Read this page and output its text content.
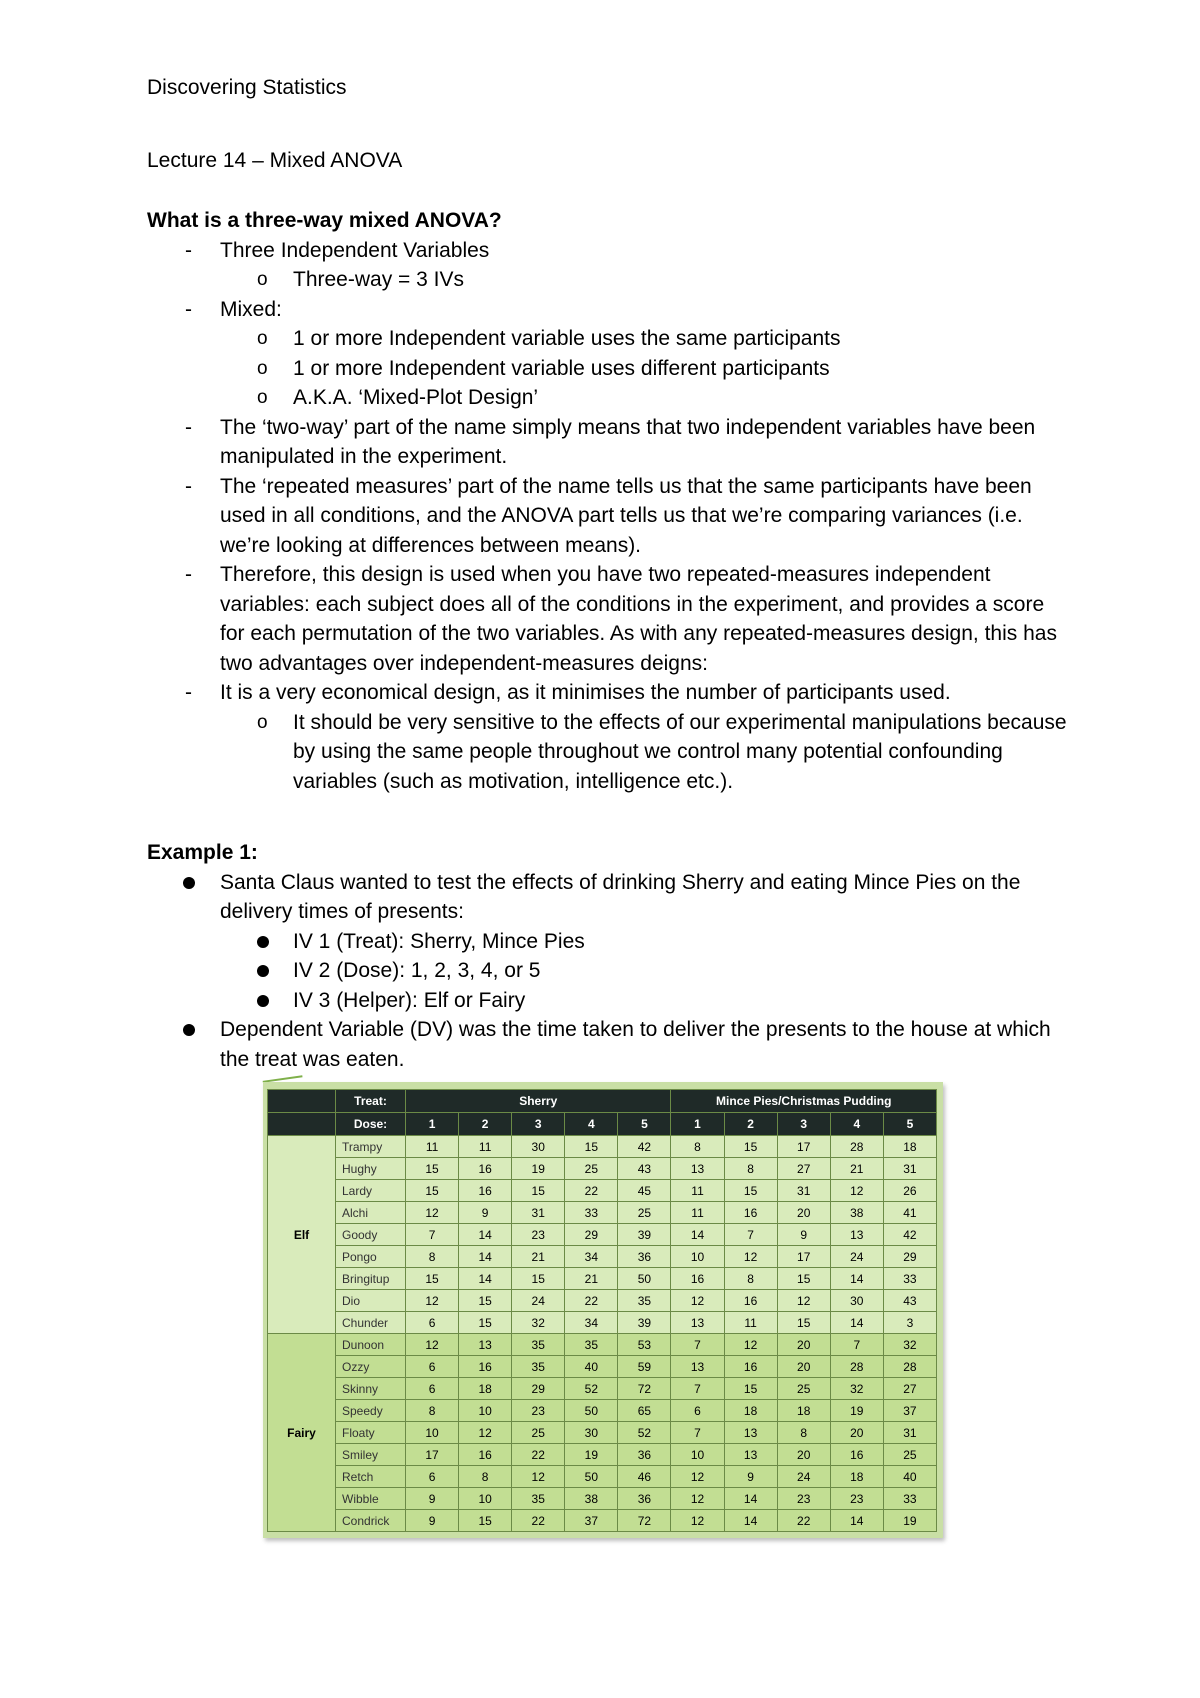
Discovering Statistics
Lecture 14 – Mixed ANOVA
What is a three-way mixed ANOVA?
- Three Independent Variables
o Three-way = 3 IVs
- Mixed:
o 1 or more Independent variable uses the same participants
o 1 or more Independent variable uses different participants
o A.K.A. ‘Mixed-Plot Design’
- The ‘two-way’ part of the name simply means that two independent variables have been manipulated in the experiment.
- The ‘repeated measures’ part of the name tells us that the same participants have been used in all conditions, and the ANOVA part tells us that we’re comparing variances (i.e. we’re looking at differences between means).
- Therefore, this design is used when you have two repeated-measures independent variables: each subject does all of the conditions in the experiment, and provides a score for each permutation of the two variables. As with any repeated-measures design, this has two advantages over independent-measures deigns:
- It is a very economical design, as it minimises the number of participants used.
o It should be very sensitive to the effects of our experimental manipulations because by using the same people throughout we control many potential confounding variables (such as motivation, intelligence etc.).
Example 1:
Santa Claus wanted to test the effects of drinking Sherry and eating Mince Pies on the delivery times of presents:
IV 1 (Treat): Sherry, Mince Pies
IV 2 (Dose): 1, 2, 3, 4, or 5
IV 3 (Helper): Elf or Fairy
Dependent Variable (DV) was the time taken to deliver the presents to the house at which the treat was eaten.
	Treat:	Sherry					Mince Pies/Christmas Pudding				
	Dose:	1	2	3	4	5	1	2	3	4	5
Elf	Trampy	11	11	30	15	42	8	15	17	28	18
	Hughy	15	16	19	25	43	13	8	27	21	31
	Lardy	15	16	15	22	45	11	15	31	12	26
	Alchi	12	9	31	33	25	11	16	20	38	41
	Goody	7	14	23	29	39	14	7	9	13	42
	Pongo	8	14	21	34	36	10	12	17	24	29
	Bringitup	15	14	15	21	50	16	8	15	14	33
	Dio	12	15	24	22	35	12	16	12	30	43
	Chunder	6	15	32	34	39	13	11	15	14	3
Fairy	Dunoon	12	13	35	35	53	7	12	20	7	32
	Ozzy	6	16	35	40	59	13	16	20	28	28
	Skinny	6	18	29	52	72	7	15	25	32	27
	Speedy	8	10	23	50	65	6	18	18	19	37
	Floaty	10	12	25	30	52	7	13	8	20	31
	Smiley	17	16	22	19	36	10	13	20	16	25
	Retch	6	8	12	50	46	12	9	24	18	40
	Wibble	9	10	35	38	36	12	14	23	23	33
	Condrick	9	15	22	37	72	12	14	22	14	19
